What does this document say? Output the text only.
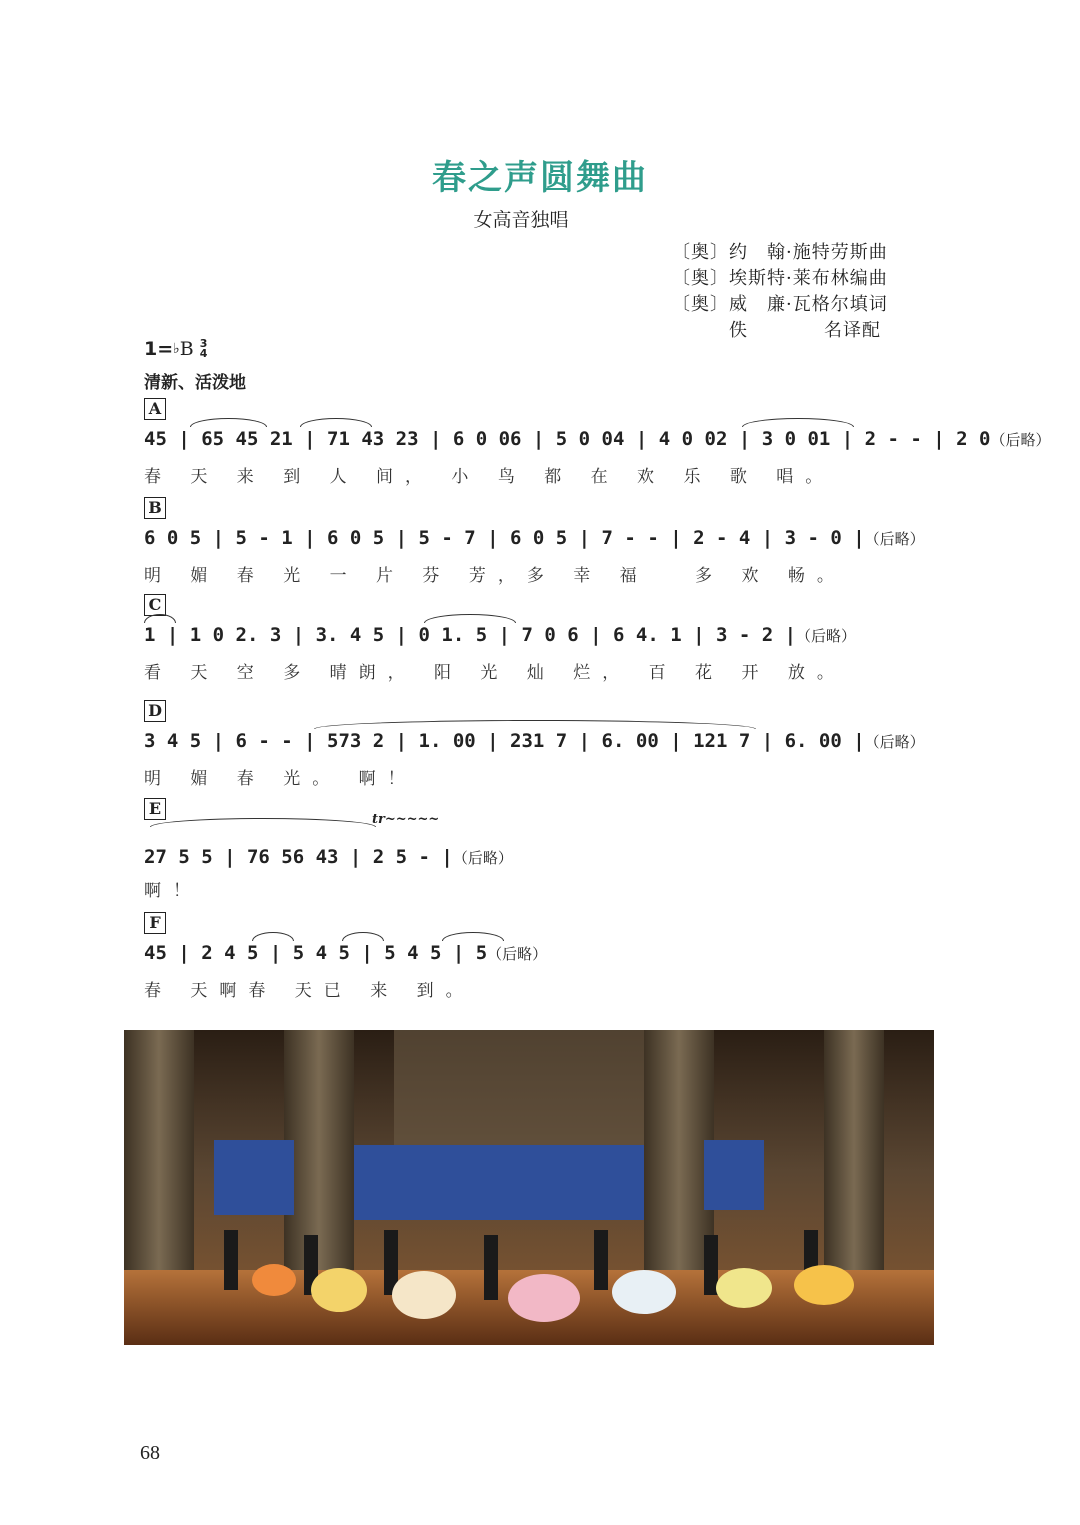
春之声圆舞曲
女高音独唱
〔奥〕约　翰·施特劳斯曲
〔奥〕埃斯特·莱布林编曲
〔奥〕威　廉·瓦格尔填词
　　　佚　　　　名译配
1= ♭ B 3
4
清新、活泼地
A
45 | 65 45 21 | 71 43 23 | 6 0 06 | 5 0 04 | 4 0 02 | 3 0 01 | 2 - - | 2 0（后略）
春 天 来 到 人 间， 小 鸟 都 在 欢 乐 歌 唱。
B
6 0 5 | 5 - 1 | 6 0 5 | 5 - 7 | 6 0 5 | 7 - - | 2 - 4 | 3 - 0 |（后略）
明 媚 春 光 一 片 芬 芳，多 幸 福　 多 欢 畅。
C
1 | 1 0 2. 3 | 3. 4 5 | 0 1. 5 | 7 0 6 | 6 4. 1 | 3 - 2 |（后略）
看 天 空 多 晴朗， 阳 光 灿 烂， 百 花 开 放。
D
3 4 5 | 6 - - | 573 2 | 1. 00 | 231 7 | 6. 00 | 121 7 | 6. 00 |（后略）
明 媚 春 光。 啊！
E
tr~~~~~
27 5 5 | 76 56 43 | 2 5 - |（后略）
啊！
F
45 | 2 4 5 | 5 4 5 | 5 4 5 | 5（后略）
春 天啊春 天已 来 到。
68
